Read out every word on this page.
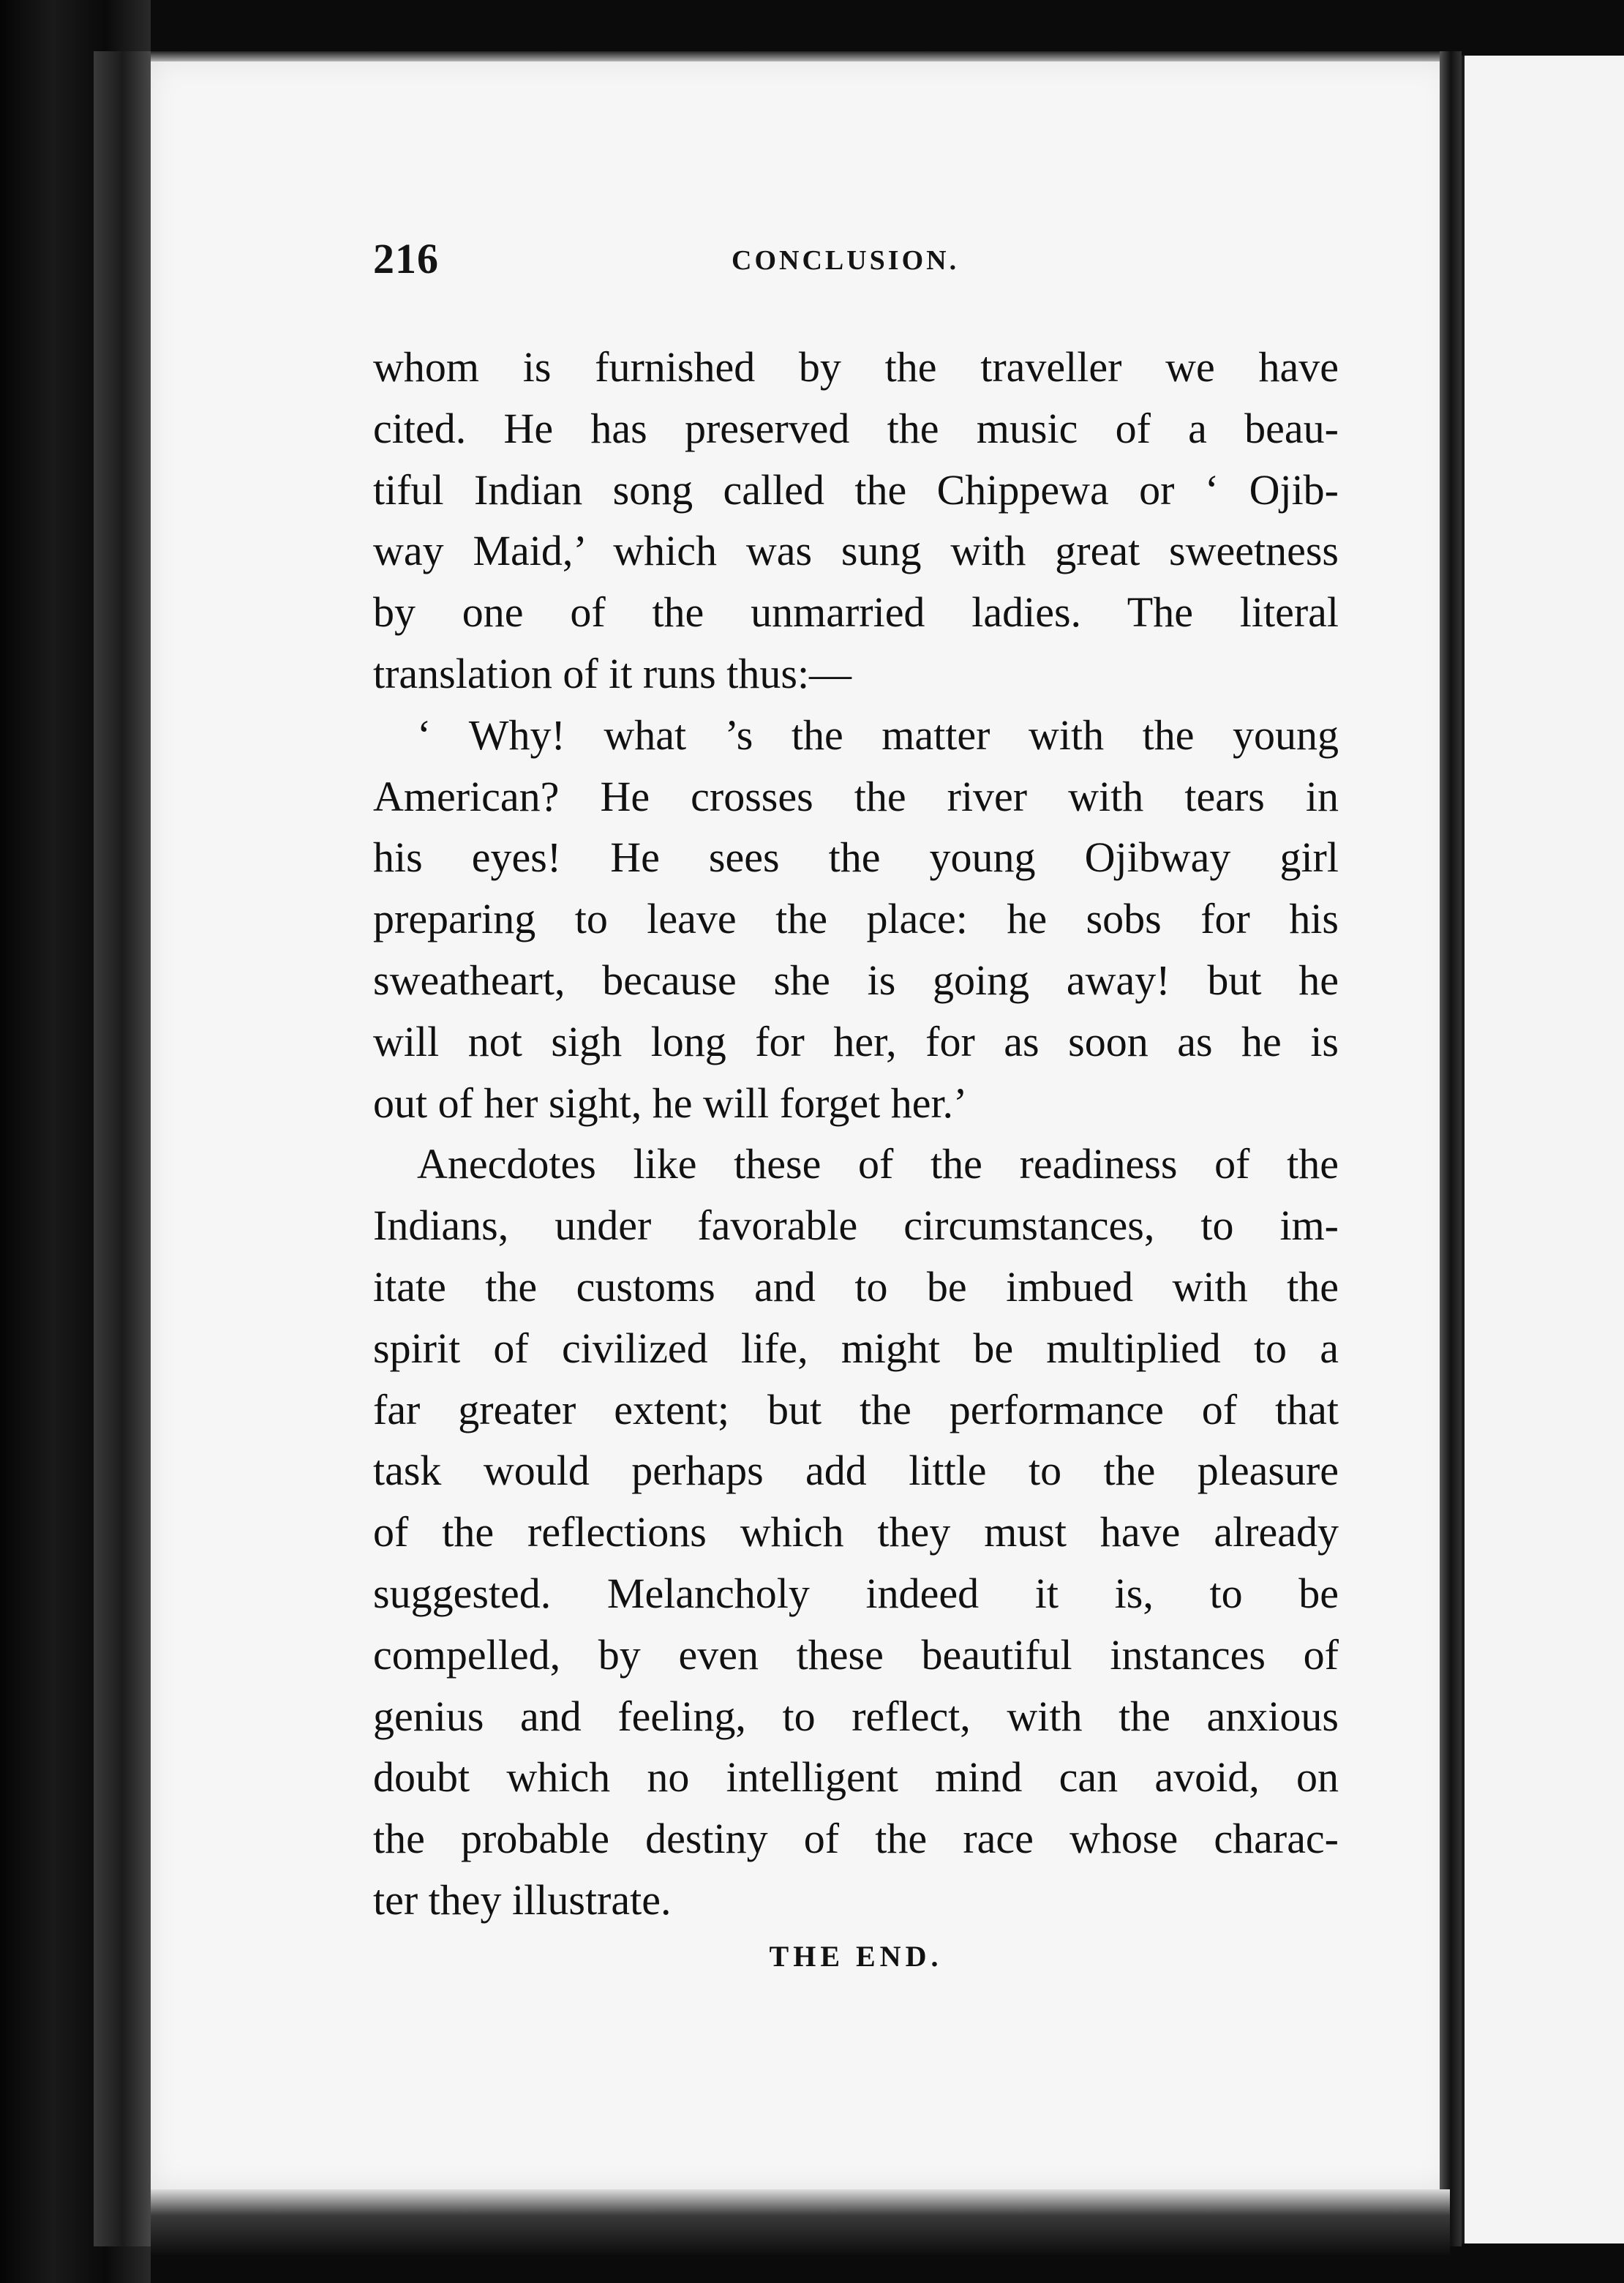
216	CONCLUSION.

whom is furnished by the traveller we have
cited. He has preserved the music of a beau-
tiful Indian song called the Chippewa or ‘ Ojib-
way Maid,’ which was sung with great sweetness
by one of the unmarried ladies. The literal
translation of it runs thus:—

‘ Why! what ’s the matter with the young
American? He crosses the river with tears in
his eyes! He sees the young Ojibway girl
preparing to leave the place: he sobs for his
sweatheart, because she is going away! but he
will not sigh long for her, for as soon as he is
out of her sight, he will forget her.’

Anecdotes like these of the readiness of the
Indians, under favorable circumstances, to im-
itate the customs and to be imbued with the
spirit of civilized life, might be multiplied to a
far greater extent; but the performance of that
task would perhaps add little to the pleasure
of the reflections which they must have already
suggested. Melancholy indeed it is, to be
compelled, by even these beautiful instances of
genius and feeling, to reflect, with the anxious
doubt which no intelligent mind can avoid, on
the probable destiny of the race whose charac-
ter they illustrate.

THE END.
